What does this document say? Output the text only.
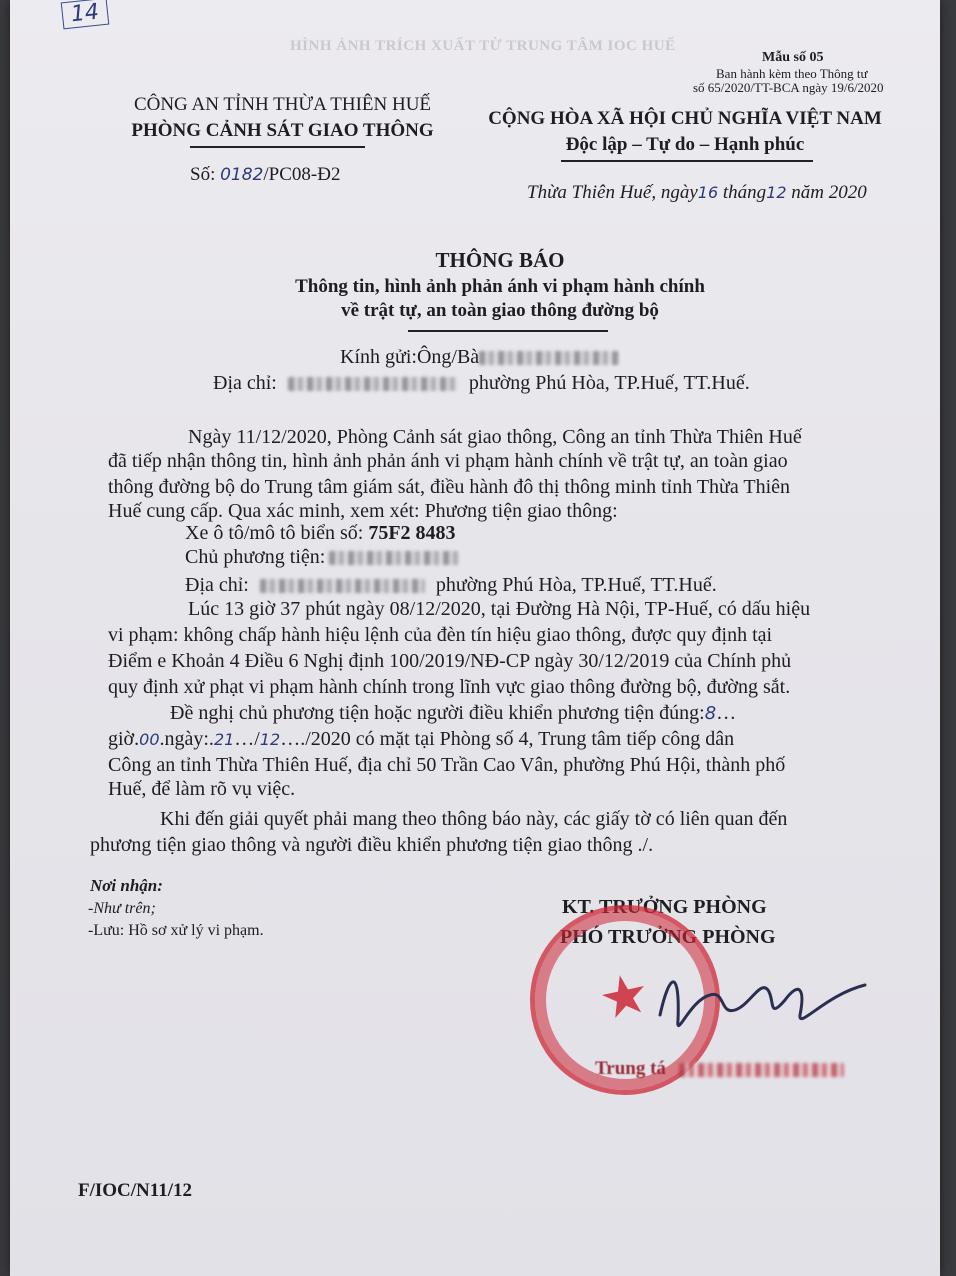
14
HÌNH ẢNH TRÍCH XUẤT TỪ TRUNG TÂM IOC HUẾ
Mẫu số 05
Ban hành kèm theo Thông tư
số 65/2020/TT-BCA ngày 19/6/2020
CÔNG AN TỈNH THỪA THIÊN HUẾ
PHÒNG CẢNH SÁT GIAO THÔNG
CỘNG HÒA XÃ HỘI CHỦ NGHĨA VIỆT NAM
Độc lập – Tự do – Hạnh phúc
Số: 0182/PC08-Đ2
Thừa Thiên Huế, ngày16 tháng12 năm 2020
THÔNG BÁO
Thông tin, hình ảnh phản ánh vi phạm hành chính
về trật tự, an toàn giao thông đường bộ
Kính gửi:Ông/Bà
Địa chỉ:	phường Phú Hòa, TP.Huế, TT.Huế.
Ngày 11/12/2020, Phòng Cảnh sát giao thông, Công an tỉnh Thừa Thiên Huế
đã tiếp nhận thông tin, hình ảnh phản ánh vi phạm hành chính về trật tự, an toàn giao
thông đường bộ do Trung tâm giám sát, điều hành đô thị thông minh tỉnh Thừa Thiên
Huế cung cấp. Qua xác minh, xem xét: Phương tiện giao thông:
Xe ô tô/mô tô biển số: 75F2 8483
Chủ phương tiện:
Địa chỉ:	phường Phú Hòa, TP.Huế, TT.Huế.
Lúc 13 giờ 37 phút ngày 08/12/2020, tại Đường Hà Nội, TP-Huế, có dấu hiệu
vi phạm: không chấp hành hiệu lệnh của đèn tín hiệu giao thông, được quy định tại
Điểm e Khoản 4 Điều 6 Nghị định 100/2019/NĐ-CP ngày 30/12/2019 của Chính phủ
quy định xử phạt vi phạm hành chính trong lĩnh vực giao thông đường bộ, đường sắt.
Đề nghị chủ phương tiện hoặc người điều khiển phương tiện đúng:8…
giờ.00.ngày:.21…/12…./2020 có mặt tại Phòng số 4, Trung tâm tiếp công dân
Công an tỉnh Thừa Thiên Huế, địa chỉ 50 Trần Cao Vân, phường Phú Hội, thành phố
Huế, để làm rõ vụ việc.
Khi đến giải quyết phải mang theo thông báo này, các giấy tờ có liên quan đến
phương tiện giao thông và người điều khiển phương tiện giao thông ./.
Nơi nhận:
-Như trên;
-Lưu: Hồ sơ xử lý vi phạm.
KT. TRƯỞNG PHÒNG
PHÓ TRƯỞNG PHÒNG
★
Trung tá
F/IOC/N11/12
